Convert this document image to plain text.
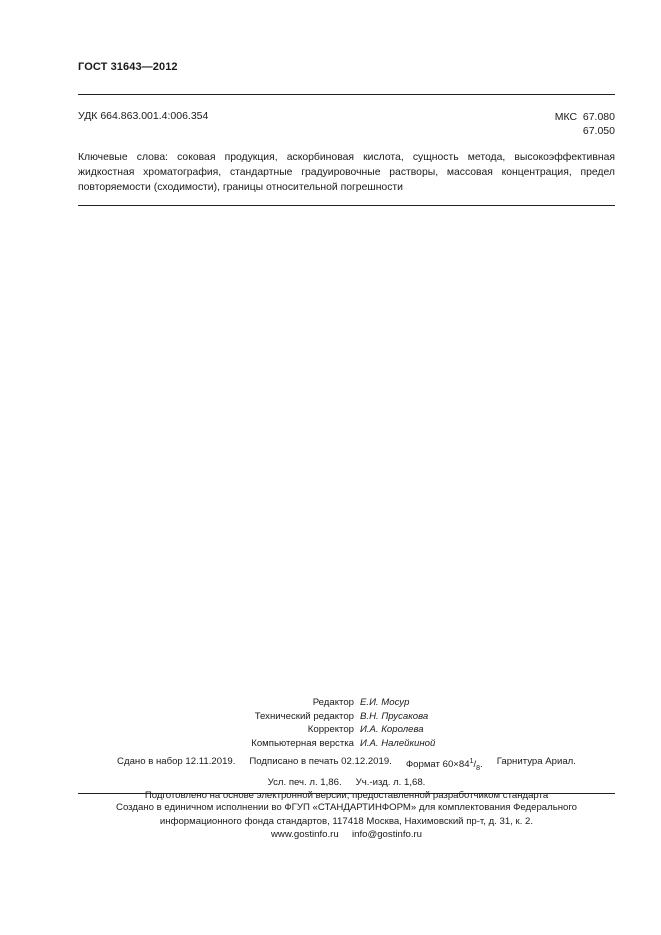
ГОСТ 31643—2012
УДК 664.863.001.4:006.354	МКС 67.080
67.050
Ключевые слова: соковая продукция, аскорбиновая кислота, сущность метода, высокоэффективная жидкостная хроматография, стандартные градуировочные растворы, массовая концентрация, предел повторяемости (сходимости), границы относительной погрешности
Редактор Е.И. Мосур
Технический редактор В.Н. Прусакова
Корректор И.А. Королева
Компьютерная верстка И.А. Налейкиной
Сдано в набор 12.11.2019. Подписано в печать 02.12.2019. Формат $60\times 84^1/_8$. Гарнитура Ариал.
Усл. печ. л. 1,86. Уч.-изд. л. 1,68.
Подготовлено на основе электронной версии, предоставленной разработчиком стандарта
Создано в единичном исполнении во ФГУП «СТАНДАРТИНФОРМ» для комплектования Федерального
информационного фонда стандартов, 117418 Москва, Нахимовский пр-т, д. 31, к. 2.
www.gostinfo.ru info@gostinfo.ru
